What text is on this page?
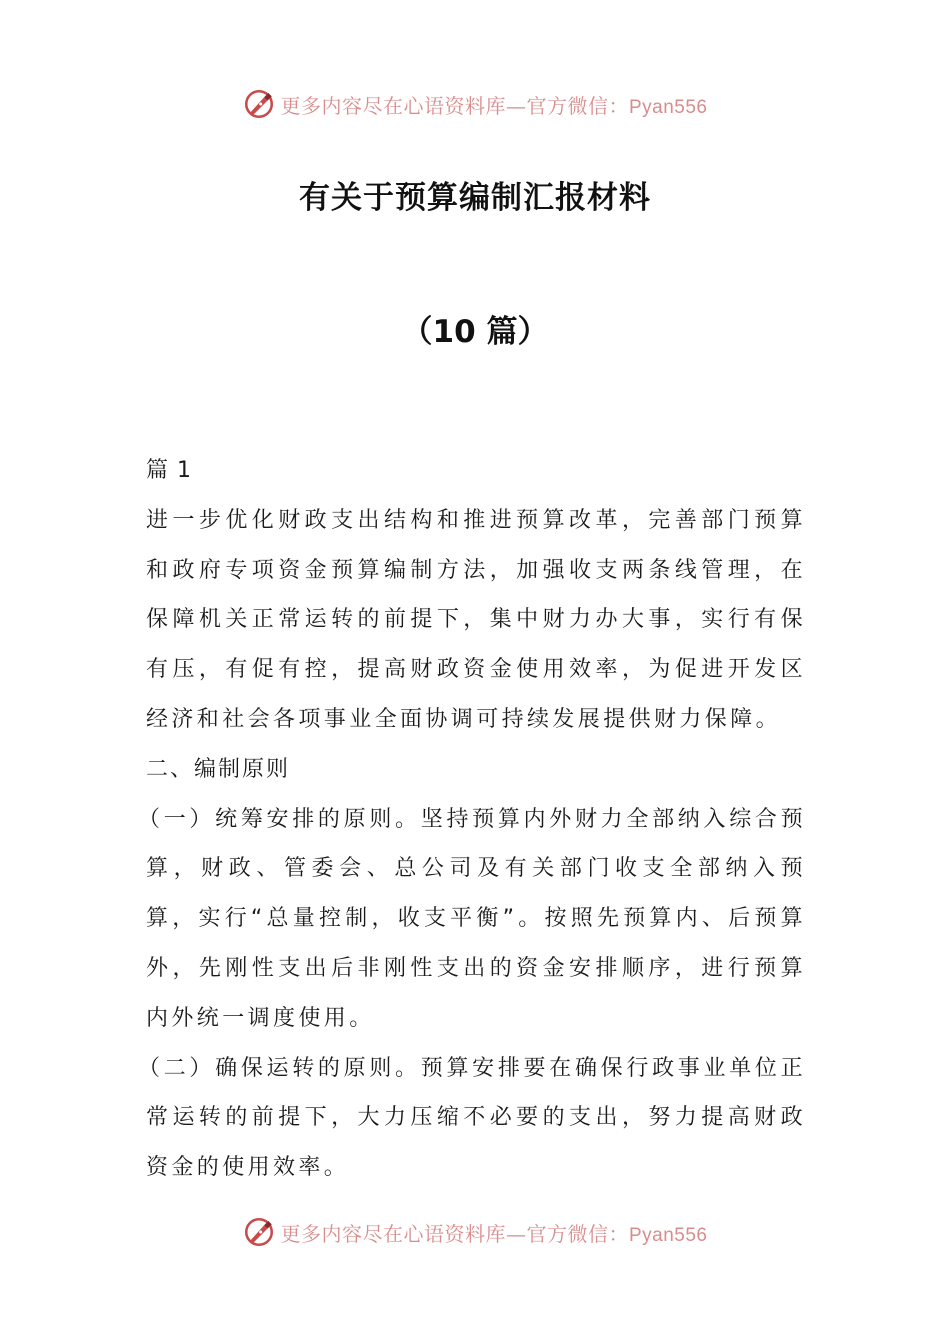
更多内容尽在心语资料库—官方微信：Pyan556
有关于预算编制汇报材料
（10 篇）

篇 1

进一步优化财政支出结构和推进预算改革，完善部门预算和政府专项资金预算编制方法，加强收支两条线管理，在保障机关正常运转的前提下，集中财力办大事，实行有保有压，有促有控，提高财政资金使用效率，为促进开发区经济和社会各项事业全面协调可持续发展提供财力保障。

二、编制原则

（一）统筹安排的原则。坚持预算内外财力全部纳入综合预算，财政、管委会、总公司及有关部门收支全部纳入预算，实行“总量控制，收支平衡”。按照先预算内、后预算外，先刚性支出后非刚性支出的资金安排顺序，进行预算内外统一调度使用。

（二）确保运转的原则。预算安排要在确保行政事业单位正常运转的前提下，大力压缩不必要的支出，努力提高财政资金的使用效率。

更多内容尽在心语资料库—官方微信：Pyan556
